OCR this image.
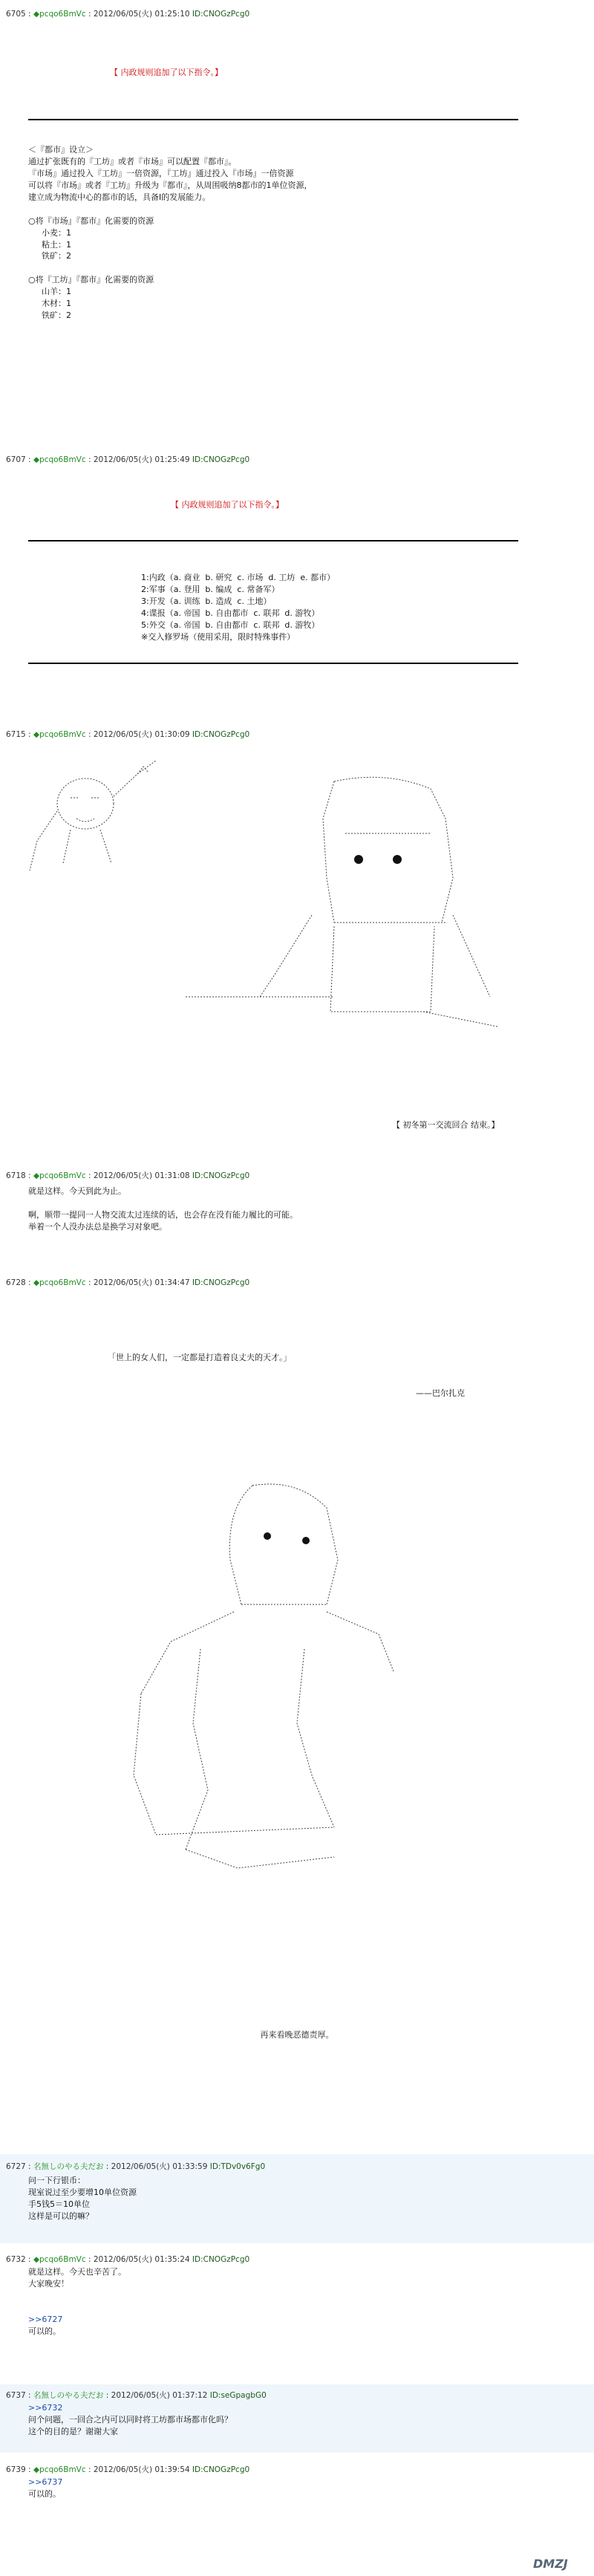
6705 : ◆pcqo6BmVc : 2012/06/05(火) 01:25:10 ID:CNOGzPcg0
【 内政规则追加了以下指令。】
＜『都市』设立＞
通过扩张既有的『工坊』或者『市场』可以配置『都市』。
『市场』通过投入『工坊』一倍资源，『工坊』通过投入『市场』一倍资源
可以将『市场』或者『工坊』升级为『都市』，从周围吸纳8都市的1单位资源，
建立成为物流中心的都市的话，具备I的发展能力。

○将『市场』『都市』化需要的资源
小麦：1
粘土：1
铁矿：2

○将『工坊』『都市』化需要的资源
山羊：1
木材：1
铁矿：2
6707 : ◆pcqo6BmVc : 2012/06/05(火) 01:25:49 ID:CNOGzPcg0
【 内政规则追加了以下指令。】
1:内政（a. 商业  b. 研究  c. 市场  d. 工坊  e. 都市）
2:军事（a. 登用  b. 编成  c. 常备军）
3:开发（a. 训练  b. 造成  c. 土地）
4:谍报（a. 帝国  b. 自由都市  c. 联邦  d. 游牧）
5:外交（a. 帝国  b. 自由都市  c. 联邦  d. 游牧）
※交入修罗场（使用采用，限时特殊事件）
6715 : ◆pcqo6BmVc : 2012/06/05(火) 01:30:09 ID:CNOGzPcg0
【 初冬第一交流回合 结束。】
6718 : ◆pcqo6BmVc : 2012/06/05(火) 01:31:08 ID:CNOGzPcg0
就是这样。今天到此为止。

啊，顺带一提同一人物交流太过连续的话，也会存在没有能力履比的可能。
举着一个人没办法总是换学习对象吧。
6728 : ◆pcqo6BmVc : 2012/06/05(火) 01:34:47 ID:CNOGzPcg0
「世上的女人们，一定都是打造着良丈夫的天才。」
——巴尔扎克
再来看晚恶德责厚。
6727 : 名無しのやる夫だお : 2012/06/05(火) 01:33:59 ID:TDv0v6Fg0
问一下行银币：
现室说过至少要增10单位资源
手5钱5＝10单位
这样是可以的嘛？
6732 : ◆pcqo6BmVc : 2012/06/05(火) 01:35:24 ID:CNOGzPcg0
就是这样。今天也辛苦了。
大家晚安！

>>6727
可以的。
6737 : 名無しのやる夫だお : 2012/06/05(火) 01:37:12 ID:seGpagbG0
>>6732
问个问题，一回合之内可以同时将工坊都市场都市化吗？
这个的目的是？谢谢大家
6739 : ◆pcqo6BmVc : 2012/06/05(火) 01:39:54 ID:CNOGzPcg0
>>6737
可以的。
DMZJ
